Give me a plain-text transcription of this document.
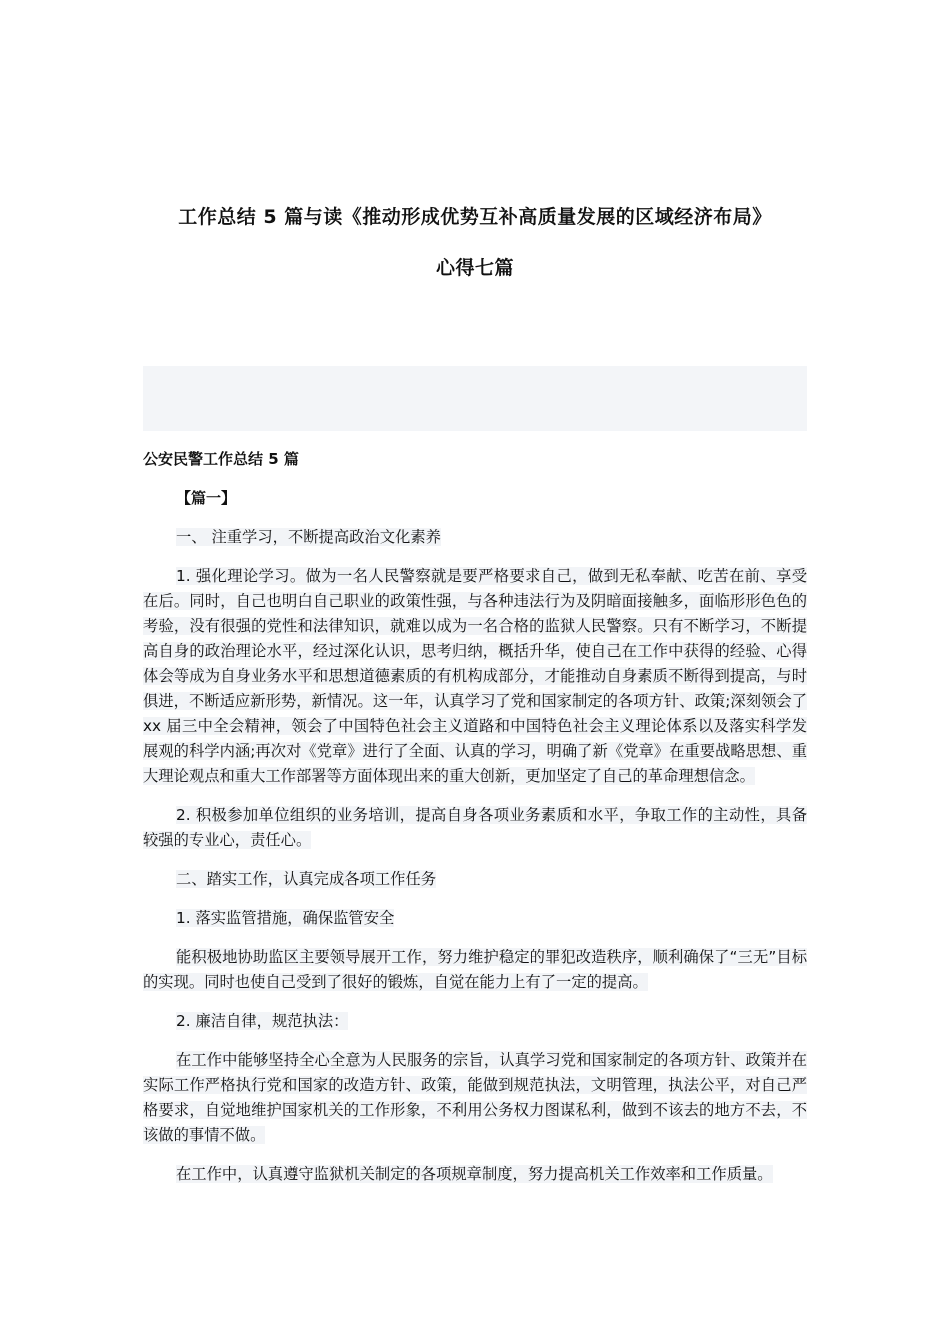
工作总结 5 篇与读《推动形成优势互补高质量发展的区域经济布局》
心得七篇
公安民警工作总结 5 篇
【篇一】

一、 注重学习，不断提高政治文化素养

1. 强化理论学习。做为一名人民警察就是要严格要求自己，做到无私奉献、吃苦在前、享受在后。同时，自己也明白自己职业的政策性强，与各种违法行为及阴暗面接触多，面临形形色色的考验，没有很强的党性和法律知识，就难以成为一名合格的监狱人民警察。只有不断学习，不断提高自身的政治理论水平，经过深化认识，思考归纳，概括升华，使自己在工作中获得的经验、心得体会等成为自身业务水平和思想道德素质的有机构成部分，才能推动自身素质不断得到提高，与时俱进，不断适应新形势，新情况。这一年，认真学习了党和国家制定的各项方针、政策;深刻领会了 xx 届三中全会精神，领会了中国特色社会主义道路和中国特色社会主义理论体系以及落实科学发展观的科学内涵;再次对《党章》进行了全面、认真的学习，明确了新《党章》在重要战略思想、重大理论观点和重大工作部署等方面体现出来的重大创新，更加坚定了自己的革命理想信念。

2. 积极参加单位组织的业务培训，提高自身各项业务素质和水平，争取工作的主动性，具备较强的专业心，责任心。

二、踏实工作，认真完成各项工作任务

1. 落实监管措施，确保监管安全

能积极地协助监区主要领导展开工作，努力维护稳定的罪犯改造秩序，顺利确保了“三无”目标的实现。同时也使自己受到了很好的锻炼，自觉在能力上有了一定的提高。

2. 廉洁自律，规范执法：

在工作中能够坚持全心全意为人民服务的宗旨，认真学习党和国家制定的各项方针、政策并在实际工作严格执行党和国家的改造方针、政策，能做到规范执法，文明管理，执法公平，对自己严格要求，自觉地维护国家机关的工作形象，不利用公务权力图谋私利，做到不该去的地方不去，不该做的事情不做。

在工作中，认真遵守监狱机关制定的各项规章制度，努力提高机关工作效率和工作质量。
